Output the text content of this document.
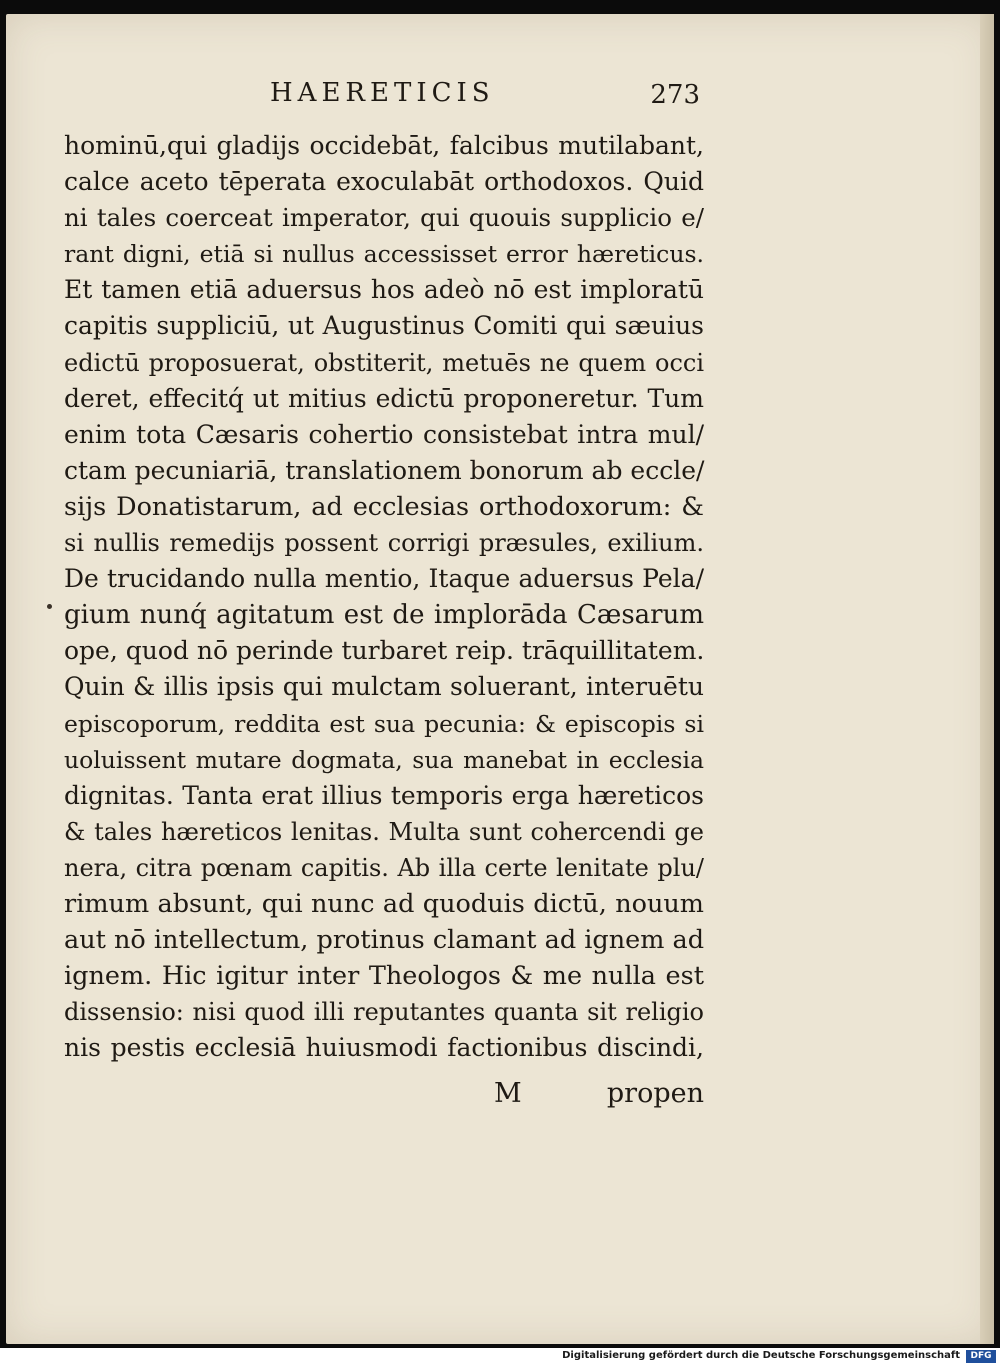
HAERETICIS	273
hominū,qui gladijs occidebāt, falcibus mutilabant,
calce aceto tēperata exoculabāt orthodoxos. Quid
ni tales coerceat imperator, qui quouis supplicio e/
rant digni, etiā si nullus accessisset error hæreticus.
Et tamen etiā aduersus hos adeò nō est imploratū
capitis suppliciū, ut Augustinus Comiti qui sæuius
edictū proposuerat, obstiterit, metuēs ne quem occi
deret, effecitq́ ut mitius edictū proponeretur. Tum
enim tota Cæsaris cohertio consistebat intra mul/
ctam pecuniariā, translationem bonorum ab eccle/
sijs Donatistarum, ad ecclesias orthodoxorum: &
si nullis remedijs possent corrigi præsules, exilium.
De trucidando nulla mentio, Itaque aduersus Pela/
gium nunq́ agitatum est de implorāda Cæsarum
ope, quod nō perinde turbaret reip. trāquillitatem.
Quin & illis ipsis qui mulctam soluerant, interuētu
episcoporum, reddita est sua pecunia: & episcopis si
uoluissent mutare dogmata, sua manebat in ecclesia
dignitas. Tanta erat illius temporis erga hæreticos
& tales hæreticos lenitas. Multa sunt cohercendi ge
nera, citra pœnam capitis. Ab illa certe lenitate plu/
rimum absunt, qui nunc ad quoduis dictū, nouum
aut nō intellectum, protinus clamant ad ignem ad
ignem. Hic igitur inter Theologos & me nulla est
dissensio: nisi quod illi reputantes quanta sit religio
nis pestis ecclesiā huiusmodi factionibus discindi,
M	propen
Digitalisierung gefördert durch die Deutsche Forschungsgemeinschaft	DFG
